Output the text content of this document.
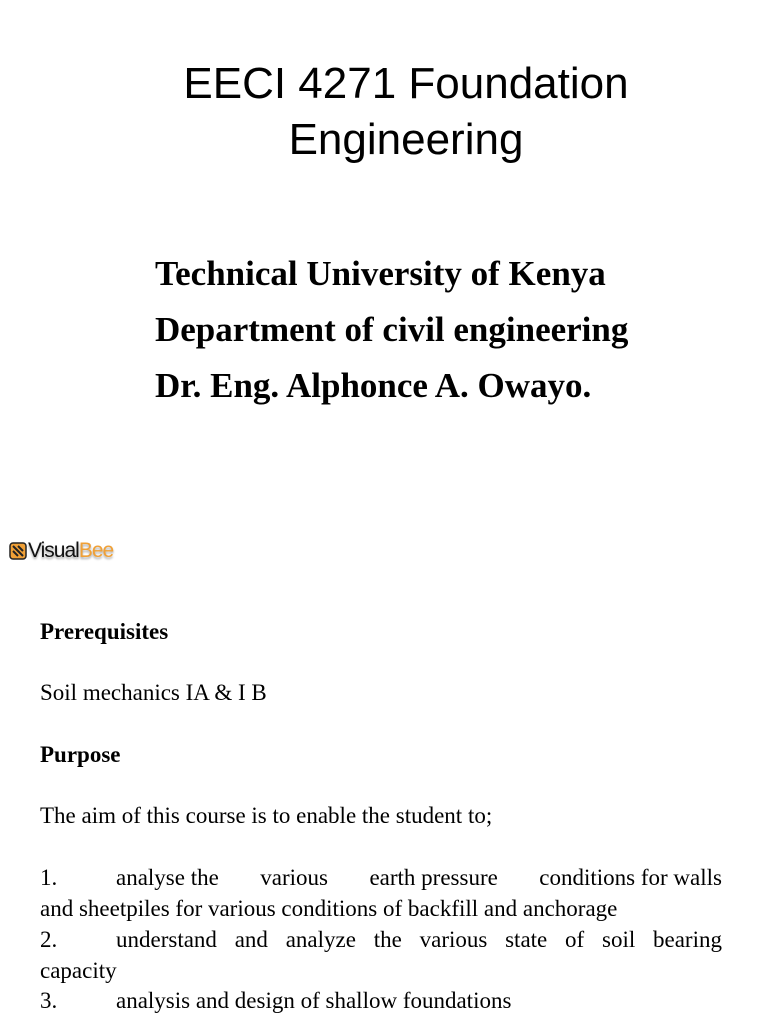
EECI 4271 Foundation
Engineering
Technical University of Kenya
Department of civil engineering
Dr. Eng. Alphonce A. Owayo.
VisualBee

Prerequisites

Soil mechanics IA & I B

Purpose

The aim of this course is to enable the student to;

1.	analyse the various earth pressure conditions for walls
and sheetpiles for various conditions of backfill and anchorage
2.	understand and analyze the various state of soil bearing
capacity
3.	analysis and design of shallow foundations
